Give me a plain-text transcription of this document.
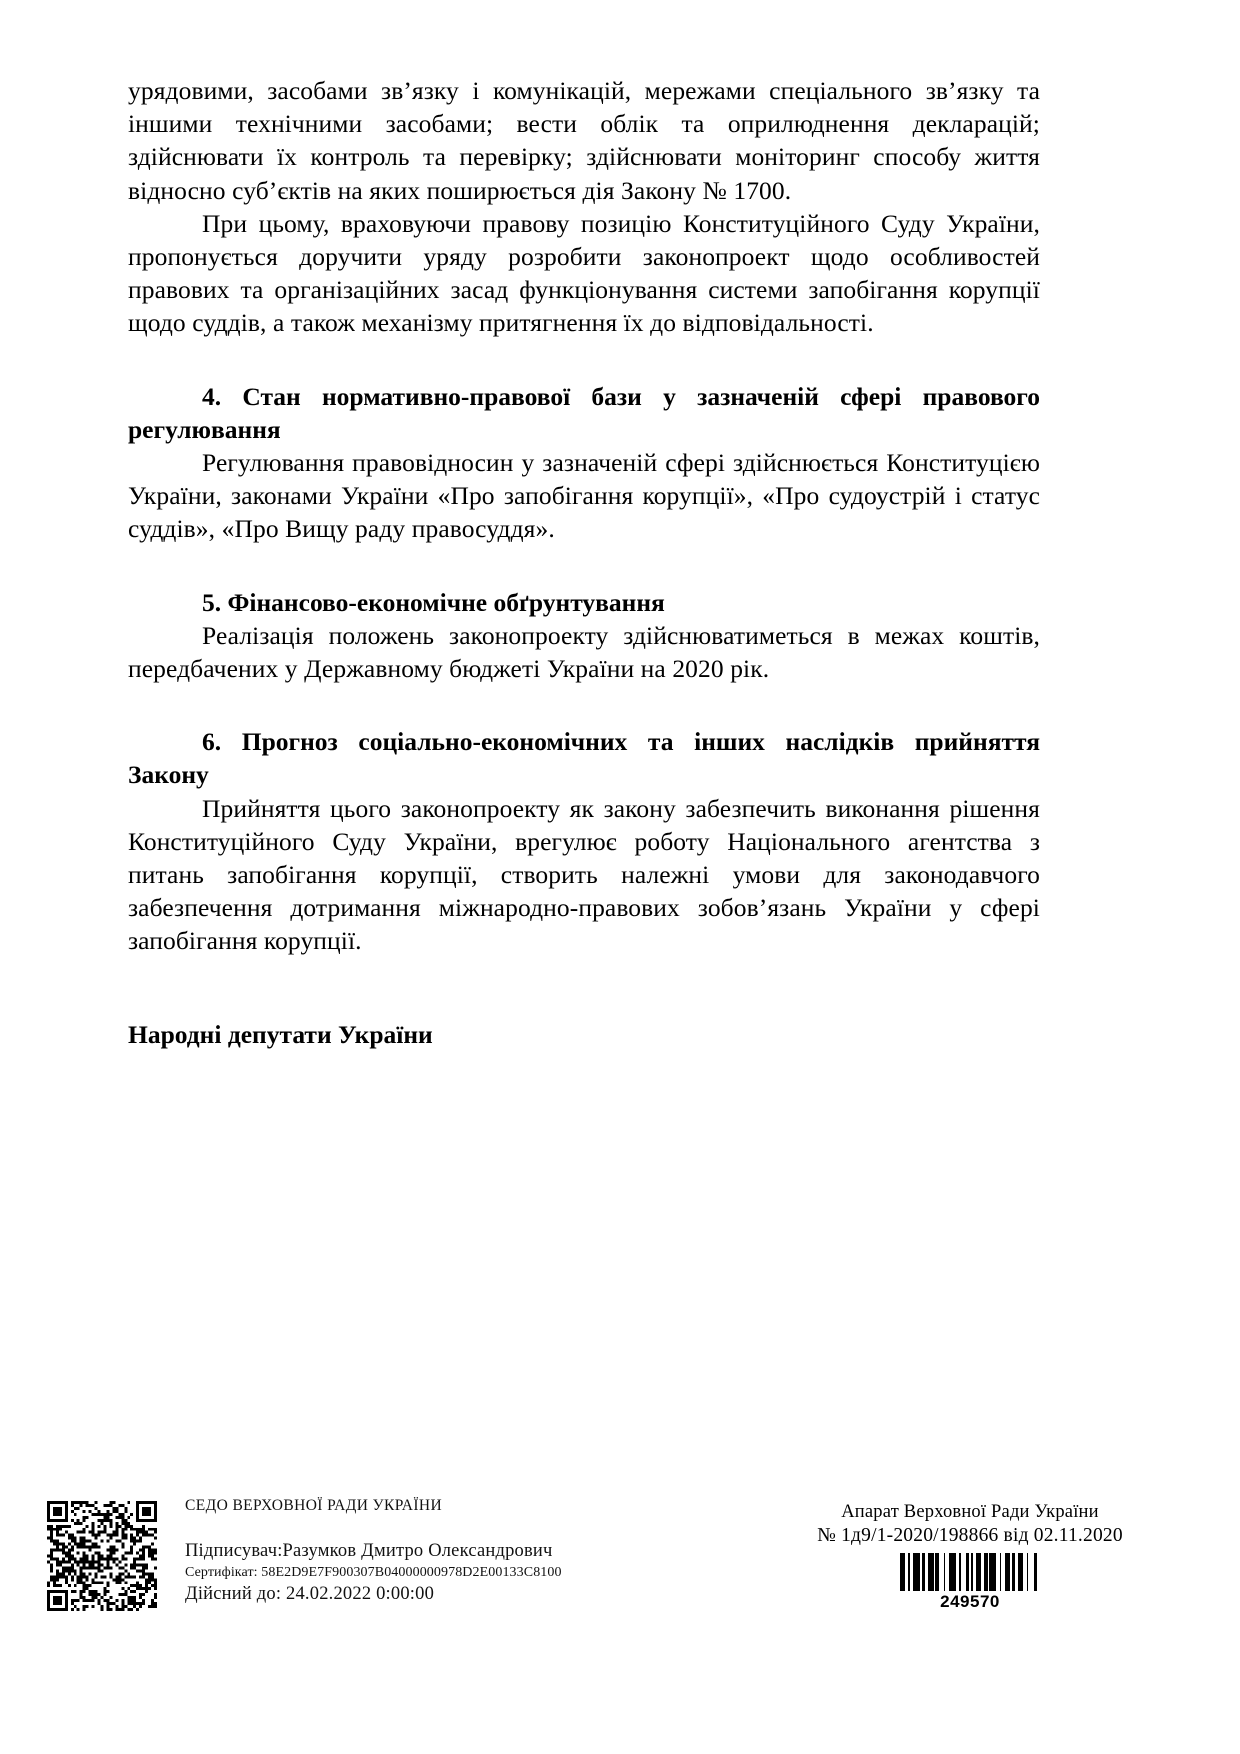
урядовими, засобами зв’язку і комунікацій, мережами спеціального зв’язку та іншими технічними засобами; вести облік та оприлюднення декларацій; здійснювати їх контроль та перевірку; здійснювати моніторинг способу життя відносно суб’єктів на яких поширюється дія Закону № 1700.

При цьому, враховуючи правову позицію Конституційного Суду України, пропонується доручити уряду розробити законопроект щодо особливостей правових та організаційних засад функціонування системи запобігання корупції щодо суддів, а також механізму притягнення їх до відповідальності.

4. Стан нормативно-правової бази у зазначеній сфері правового регулювання

Регулювання правовідносин у зазначеній сфері здійснюється Конституцією України, законами України «Про запобігання корупції», «Про судоустрій і статус суддів», «Про Вищу раду правосуддя».

5. Фінансово-економічне обґрунтування

Реалізація положень законопроекту здійснюватиметься в межах коштів, передбачених у Державному бюджеті України на 2020 рік.

6. Прогноз соціально-економічних та інших наслідків прийняття Закону

Прийняття цього законопроекту як закону забезпечить виконання рішення Конституційного Суду України, врегулює роботу Національного агентства з питань запобігання корупції, створить належні умови для законодавчого забезпечення дотримання міжнародно-правових зобов’язань України у сфері запобігання корупції.

Народні депутати України

СЕДО ВЕРХОВНОЇ РАДИ УКРАЇНИ
Підписувач:Разумков Дмитро Олександрович
Сертифікат: 58E2D9E7F900307B04000000978D2E00133C8100
Дійсний до: 24.02.2022 0:00:00
Апарат Верховної Ради України
№ 1д9/1-2020/198866 від 02.11.2020
249570
